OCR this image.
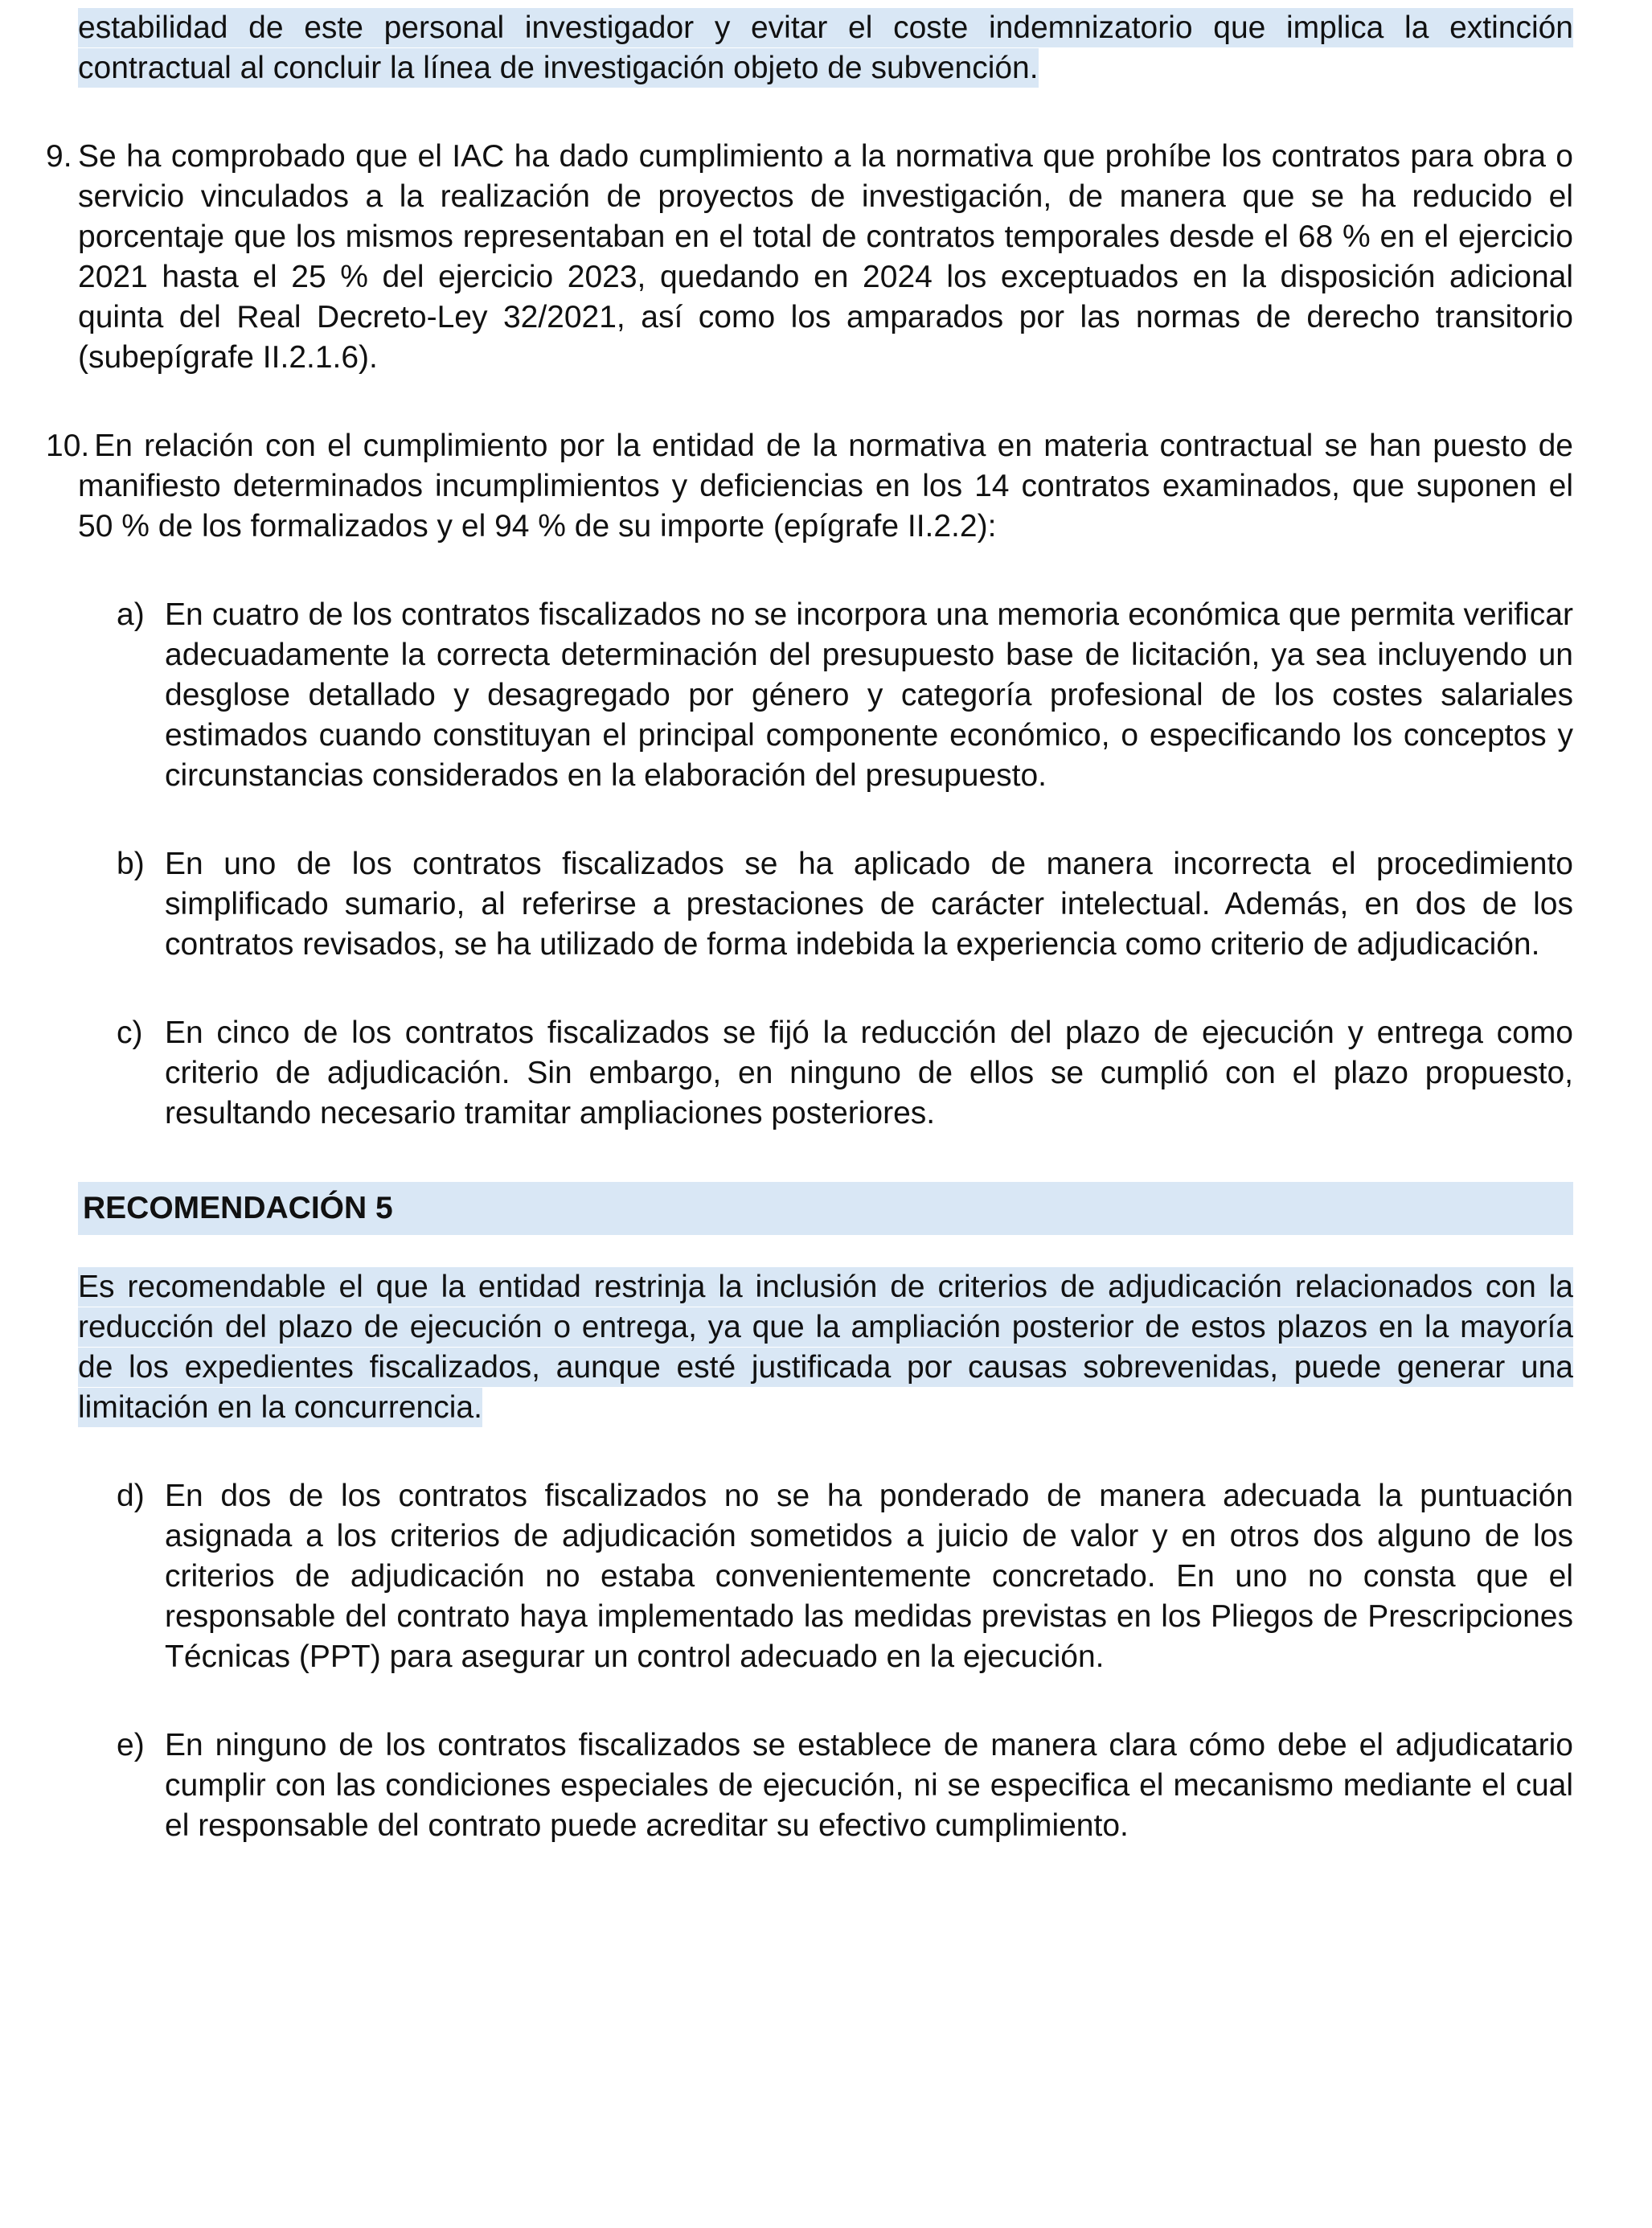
estabilidad de este personal investigador y evitar el coste indemnizatorio que implica la extinción contractual al concluir la línea de investigación objeto de subvención.

9. Se ha comprobado que el IAC ha dado cumplimiento a la normativa que prohíbe los contratos para obra o servicio vinculados a la realización de proyectos de investigación, de manera que se ha reducido el porcentaje que los mismos representaban en el total de contratos temporales desde el 68 % en el ejercicio 2021 hasta el 25 % del ejercicio 2023, quedando en 2024 los exceptuados en la disposición adicional quinta del Real Decreto-Ley 32/2021, así como los amparados por las normas de derecho transitorio (subepígrafe II.2.1.6).

10. En relación con el cumplimiento por la entidad de la normativa en materia contractual se han puesto de manifiesto determinados incumplimientos y deficiencias en los 14 contratos examinados, que suponen el 50 % de los formalizados y el 94 % de su importe (epígrafe II.2.2):

a) En cuatro de los contratos fiscalizados no se incorpora una memoria económica que permita verificar adecuadamente la correcta determinación del presupuesto base de licitación, ya sea incluyendo un desglose detallado y desagregado por género y categoría profesional de los costes salariales estimados cuando constituyan el principal componente económico, o especificando los conceptos y circunstancias considerados en la elaboración del presupuesto.

b) En uno de los contratos fiscalizados se ha aplicado de manera incorrecta el procedimiento simplificado sumario, al referirse a prestaciones de carácter intelectual. Además, en dos de los contratos revisados, se ha utilizado de forma indebida la experiencia como criterio de adjudicación.

c) En cinco de los contratos fiscalizados se fijó la reducción del plazo de ejecución y entrega como criterio de adjudicación. Sin embargo, en ninguno de ellos se cumplió con el plazo propuesto, resultando necesario tramitar ampliaciones posteriores.

RECOMENDACIÓN 5

Es recomendable el que la entidad restrinja la inclusión de criterios de adjudicación relacionados con la reducción del plazo de ejecución o entrega, ya que la ampliación posterior de estos plazos en la mayoría de los expedientes fiscalizados, aunque esté justificada por causas sobrevenidas, puede generar una limitación en la concurrencia.

d) En dos de los contratos fiscalizados no se ha ponderado de manera adecuada la puntuación asignada a los criterios de adjudicación sometidos a juicio de valor y en otros dos alguno de los criterios de adjudicación no estaba convenientemente concretado. En uno no consta que el responsable del contrato haya implementado las medidas previstas en los Pliegos de Prescripciones Técnicas (PPT) para asegurar un control adecuado en la ejecución.

e) En ninguno de los contratos fiscalizados se establece de manera clara cómo debe el adjudicatario cumplir con las condiciones especiales de ejecución, ni se especifica el mecanismo mediante el cual el responsable del contrato puede acreditar su efectivo cumplimiento.
